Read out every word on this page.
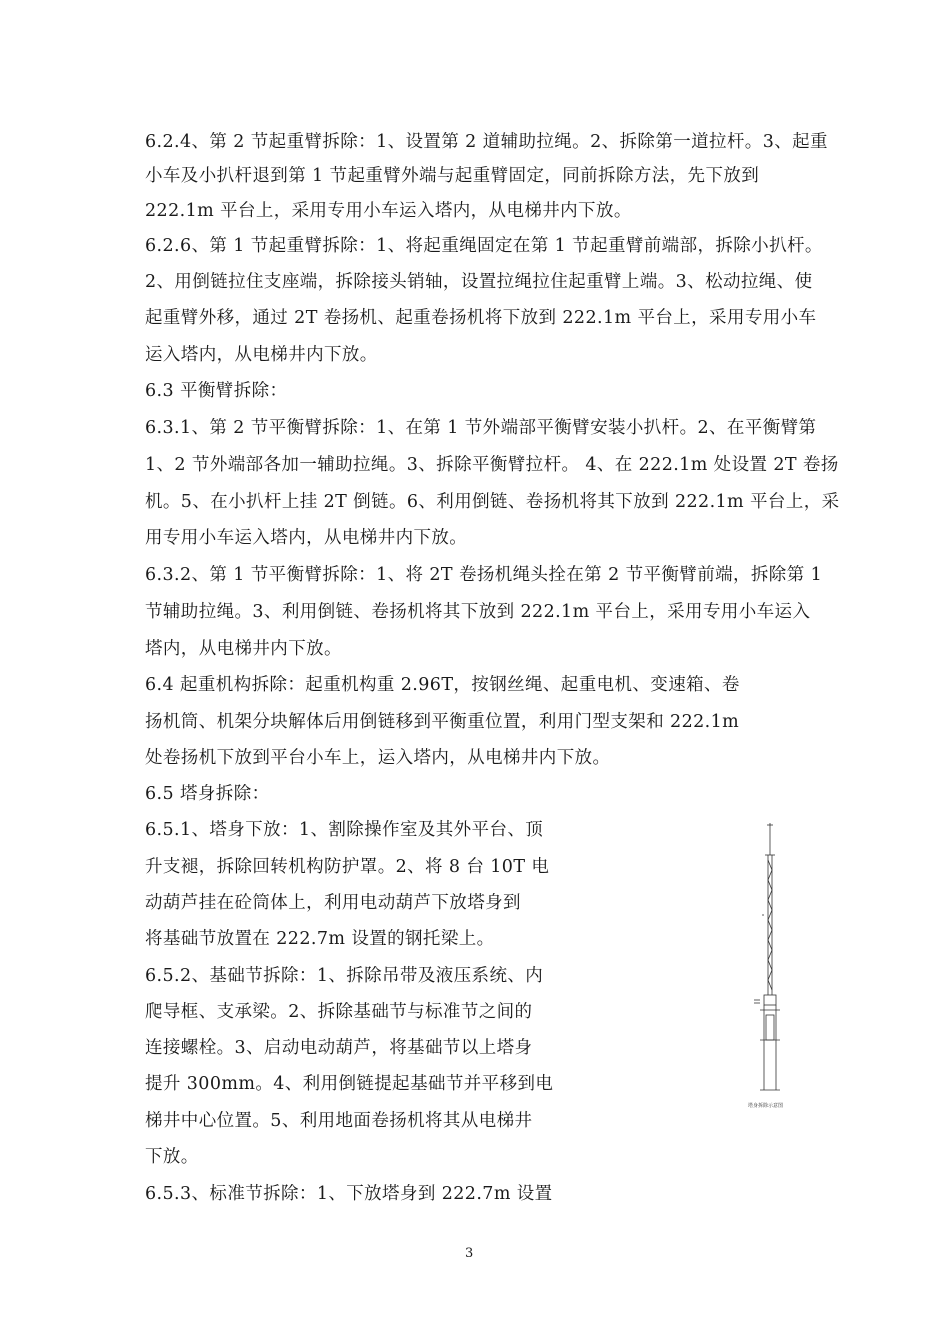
6.2.4、第 2 节起重臂拆除：1、设置第 2 道辅助拉绳。2、拆除第一道拉杆。3、起重
小车及小扒杆退到第 1 节起重臂外端与起重臂固定，同前拆除方法，先下放到
222.1m 平台上，采用专用小车运入塔内，从电梯井内下放。
6.2.6、第 1 节起重臂拆除：1、将起重绳固定在第 1 节起重臂前端部，拆除小扒杆。
2、用倒链拉住支座端，拆除接头销轴，设置拉绳拉住起重臂上端。3、松动拉绳、使
起重臂外移，通过 2T 卷扬机、起重卷扬机将下放到 222.1m 平台上，采用专用小车
运入塔内，从电梯井内下放。
6.3 平衡臂拆除：
6.3.1、第 2 节平衡臂拆除：1、在第 1 节外端部平衡臂安装小扒杆。2、在平衡臂第
1、2 节外端部各加一辅助拉绳。3、拆除平衡臂拉杆。 4、在 222.1m 处设置 2T 卷扬
机。5、在小扒杆上挂 2T 倒链。6、利用倒链、卷扬机将其下放到 222.1m 平台上，采
用专用小车运入塔内，从电梯井内下放。
6.3.2、第 1 节平衡臂拆除：1、将 2T 卷扬机绳头拴在第 2 节平衡臂前端，拆除第 1
节辅助拉绳。3、利用倒链、卷扬机将其下放到 222.1m 平台上，采用专用小车运入
塔内，从电梯井内下放。
6.4 起重机构拆除：起重机构重 2.96T，按钢丝绳、起重电机、变速箱、卷
扬机筒、机架分块解体后用倒链移到平衡重位置，利用门型支架和 222.1m
处卷扬机下放到平台小车上，运入塔内，从电梯井内下放。
6.5 塔身拆除：
6.5.1、塔身下放：1、割除操作室及其外平台、顶
升支褪，拆除回转机构防护罩。2、将 8 台 10T 电
动葫芦挂在砼筒体上，利用电动葫芦下放塔身到
将基础节放置在 222.7m 设置的钢托梁上。
6.5.2、基础节拆除：1、拆除吊带及液压系统、内
爬导框、支承梁。2、拆除基础节与标准节之间的
连接螺栓。3、启动电动葫芦，将基础节以上塔身
提升 300mm。4、利用倒链提起基础节并平移到电
梯井中心位置。5、利用地面卷扬机将其从电梯井
下放。
6.5.3、标准节拆除：1、下放塔身到 222.7m 设置
塔身拆除示意图
3
